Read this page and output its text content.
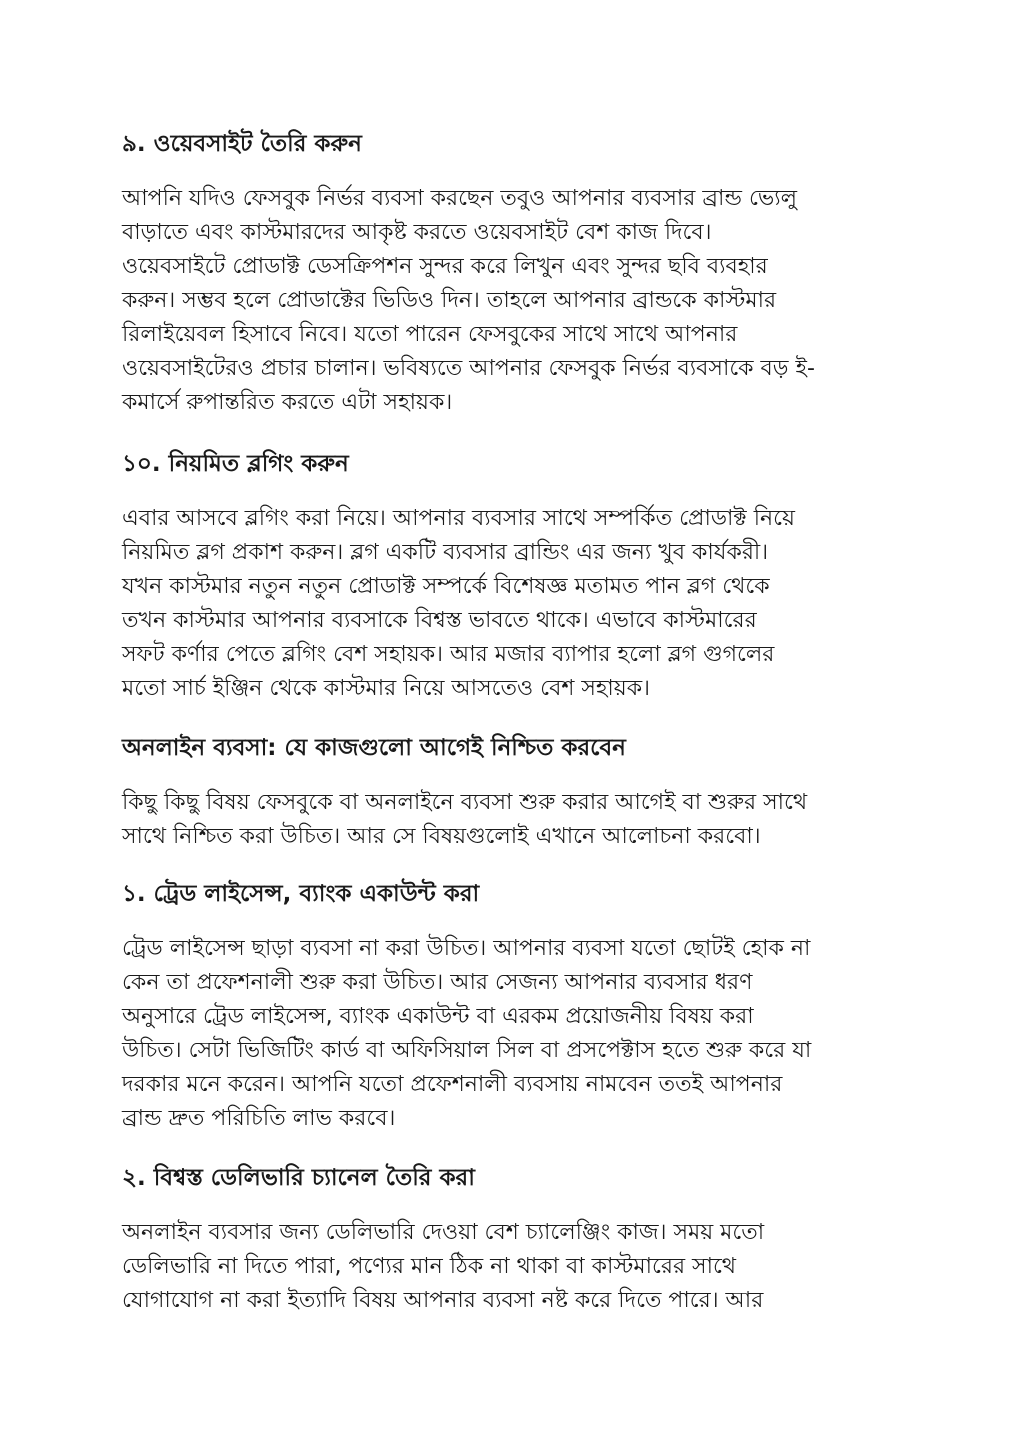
৯. ওয়েবসাইট তৈরি করুন
আপনি যদিও ফেসবুক নির্ভর ব্যবসা করছেন তবুও আপনার ব্যবসার ব্রান্ড ভ্যেলু
বাড়াতে এবং কাস্টমারদের আকৃষ্ট করতে ওয়েবসাইট বেশ কাজ দিবে।
ওয়েবসাইটে প্রোডাক্ট ডেসক্রিপশন সুন্দর করে লিখুন এবং সুন্দর ছবি ব্যবহার
করুন। সম্ভব হলে প্রোডাক্টের ভিডিও দিন। তাহলে আপনার ব্রান্ডকে কাস্টমার
রিলাইয়েবল হিসাবে নিবে। যতো পারেন ফেসবুকের সাথে সাথে আপনার
ওয়েবসাইটেরও প্রচার চালান। ভবিষ্যতে আপনার ফেসবুক নির্ভর ব্যবসাকে বড় ই-
কমার্সে রুপান্তরিত করতে এটা সহায়ক।
১০. নিয়মিত ব্লগিং করুন
এবার আসবে ব্লগিং করা নিয়ে। আপনার ব্যবসার সাথে সম্পর্কিত প্রোডাক্ট নিয়ে
নিয়মিত ব্লগ প্রকাশ করুন। ব্লগ একটি ব্যবসার ব্রান্ডিং এর জন্য খুব কার্যকরী।
যখন কাস্টমার নতুন নতুন প্রোডাক্ট সম্পর্কে বিশেষজ্ঞ মতামত পান ব্লগ থেকে
তখন কাস্টমার আপনার ব্যবসাকে বিশ্বস্ত ভাবতে থাকে। এভাবে কাস্টমারের
সফট কর্ণার পেতে ব্লগিং বেশ সহায়ক। আর মজার ব্যাপার হলো ব্লগ গুগলের
মতো সার্চ ইঞ্জিন থেকে কাস্টমার নিয়ে আসতেও বেশ সহায়ক।
অনলাইন ব্যবসা: যে কাজগুলো আগেই নিশ্চিত করবেন
কিছু কিছু বিষয় ফেসবুকে বা অনলাইনে ব্যবসা শুরু করার আগেই বা শুরুর সাথে
সাথে নিশ্চিত করা উচিত। আর সে বিষয়গুলোই এখানে আলোচনা করবো।
১. ট্রেড লাইসেন্স, ব্যাংক একাউন্ট করা
ট্রেড লাইসেন্স ছাড়া ব্যবসা না করা উচিত। আপনার ব্যবসা যতো ছোটই হোক না
কেন তা প্রফেশনালী শুরু করা উচিত। আর সেজন্য আপনার ব্যবসার ধরণ
অনুসারে ট্রেড লাইসেন্স, ব্যাংক একাউন্ট বা এরকম প্রয়োজনীয় বিষয় করা
উচিত। সেটা ভিজিটিং কার্ড বা অফিসিয়াল সিল বা প্রসপেক্টাস হতে শুরু করে যা
দরকার মনে করেন। আপনি যতো প্রফেশনালী ব্যবসায় নামবেন ততই আপনার
ব্রান্ড দ্রুত পরিচিতি লাভ করবে।
২. বিশ্বস্ত ডেলিভারি চ্যানেল তৈরি করা
অনলাইন ব্যবসার জন্য ডেলিভারি দেওয়া বেশ চ্যালেঞ্জিং কাজ। সময় মতো
ডেলিভারি না দিতে পারা, পণ্যের মান ঠিক না থাকা বা কাস্টমারের সাথে
যোগাযোগ না করা ইত্যাদি বিষয় আপনার ব্যবসা নষ্ট করে দিতে পারে। আর
